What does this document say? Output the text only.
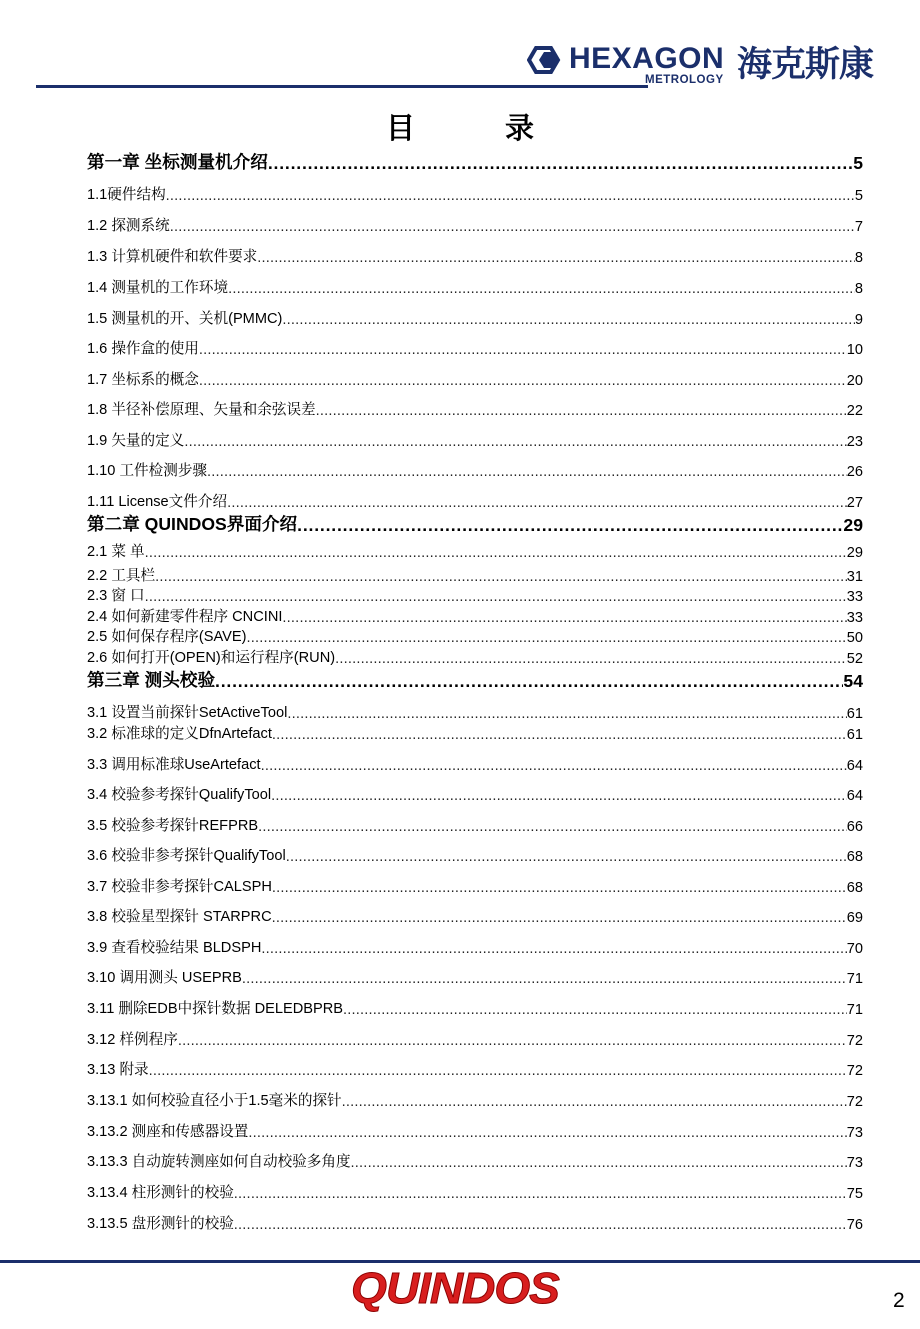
HEXAGON
METROLOGY 海克斯康
目	录
第一章 坐标测量机介绍 .....	5
1.1硬件结构 .....	5
1.2 探测系统 .....	7
1.3 计算机硬件和软件要求 .....	8
1.4 测量机的工作环境 .....	8
1.5 测量机的开、关机(PMMC) .....	9
1.6 操作盒的使用 .....	10
1.7 坐标系的概念 .....	20
1.8 半径补偿原理、矢量和余弦误差 .....	22
1.9 矢量的定义 .....	23
1.10 工件检测步骤 .....	26
1.11 License文件介绍 .....	27
第二章 QUINDOS界面介绍 .....	29
2.1 菜 单 .....	29
2.2 工具栏 .....	31
2.3 窗 口 .....	33
2.4 如何新建零件程序 CNCINI .....	33
2.5 如何保存程序(SAVE) .....	50
2.6 如何打开(OPEN)和运行程序(RUN) .....	52
第三章 测头校验 .....	54
3.1 设置当前探针SetActiveTool .....	61
3.2 标准球的定义DfnArtefact .....	61
3.3 调用标准球UseArtefact .....	64
3.4 校验参考探针QualifyTool .....	64
3.5 校验参考探针REFPRB .....	66
3.6 校验非参考探针QualifyTool .....	68
3.7 校验非参考探针CALSPH .....	68
3.8 校验星型探针 STARPRC .....	69
3.9 查看校验结果 BLDSPH .....	70
3.10 调用测头 USEPRB .....	71
3.11 删除EDB中探针数据 DELEDBPRB .....	71
3.12 样例程序 .....	72
3.13 附录 .....	72
3.13.1 如何校验直径小于1.5毫米的探针 .....	72
3.13.2 测座和传感器设置 .....	73
3.13.3 自动旋转测座如何自动校验多角度 .....	73
3.13.4 柱形测针的校验 .....	75
3.13.5 盘形测针的校验 .....	76
QUINDOS	2
